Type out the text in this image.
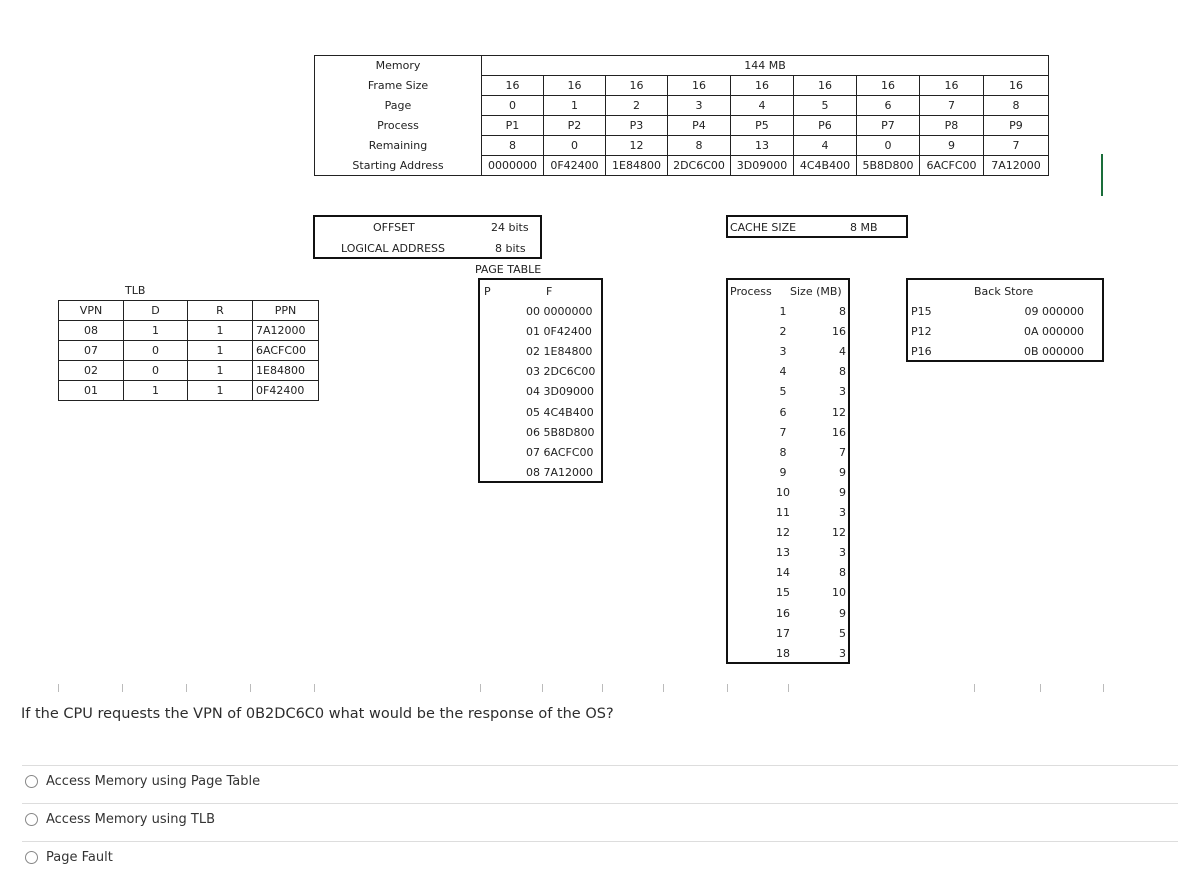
Memory	144 MB								
Frame Size	16	16	16	16	16	16	16	16	16
Page	0	1	2	3	4	5	6	7	8
Process	P1	P2	P3	P4	P5	P6	P7	P8	P9
Remaining	8	0	12	8	13	4	0	9	7
Starting Address	0000000	0F42400	1E84800	2DC6C00	3D09000	4C4B400	5B8D800	6ACFC00	7A12000
OFFSET	24 bits
LOGICAL ADDRESS	8 bits
CACHE SIZE	8 MB
TLB
VPN	D	R	PPN
08	1	1	7A12000
07	0	1	6ACFC00
02	0	1	1E84800
01	1	1	0F42400
PAGE TABLE
P	F
00 0000000
01 0F42400
02 1E84800
03 2DC6C00
04 3D09000
05 4C4B400
06 5B8D800
07 6ACFC00
08 7A12000
Process Size (MB)
1	8
2	16
3	4
4	8
5	3
6	12
7	16
8	7
9	9
10	9
11	3
12	12
13	3
14	8
15	10
16	9
17	5
18	3
Back Store
P15	09 000000
P12	0A 000000
P16	0B 000000
If the CPU requests the VPN of 0B2DC6C0 what would be the response of the OS?
Access Memory using Page Table
Access Memory using TLB
Page Fault
